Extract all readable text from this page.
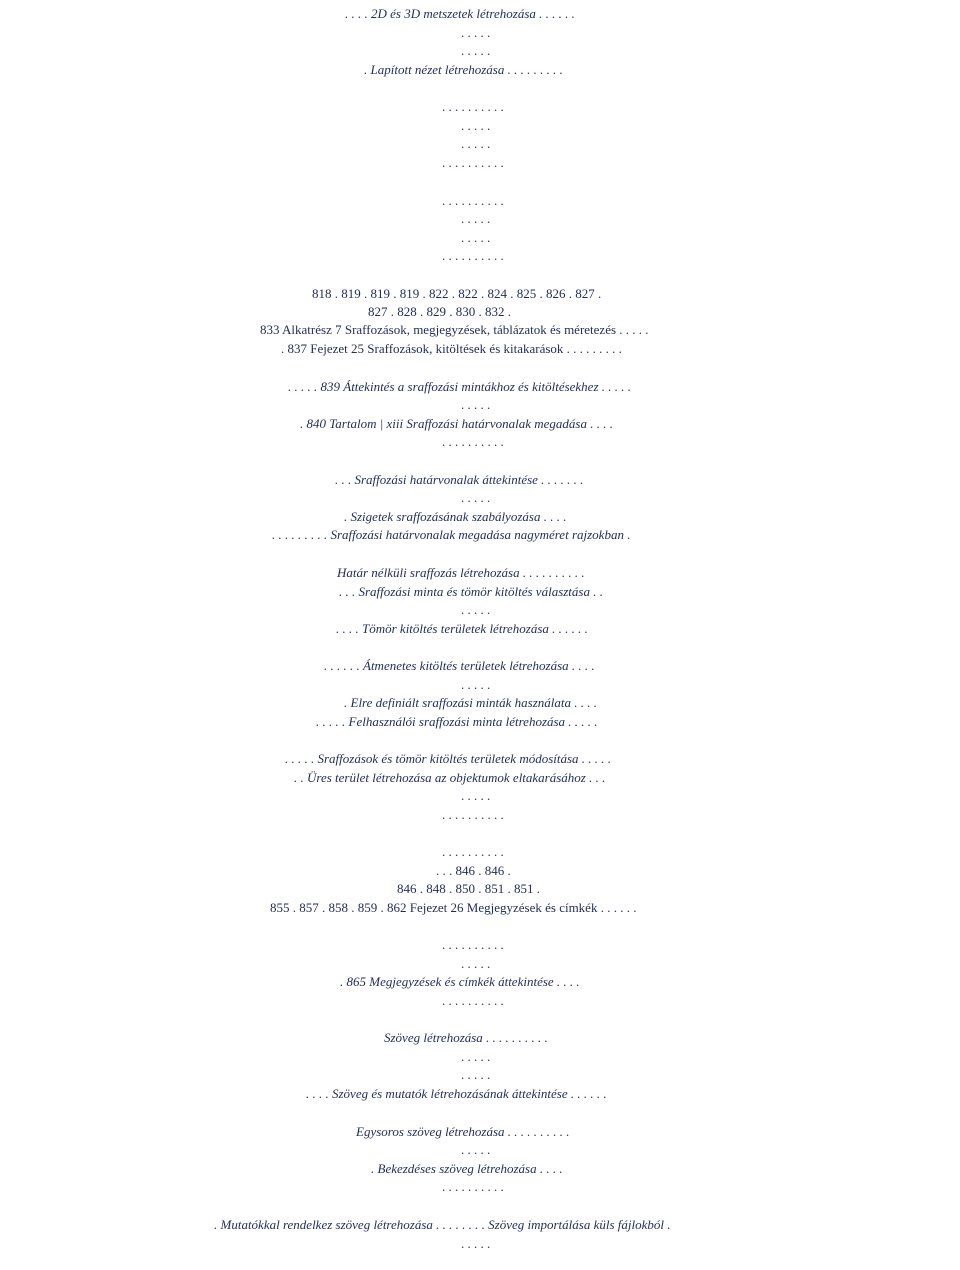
. . . . 2D és 3D metszetek létrehozása . . . . . .

. . . . .

. . . . .

. Lapított nézet létrehozása . . . . . . . . .

. . . . . . . . . .

. . . . .

. . . . .

. . . . . . . . . .

. . . . . . . . . .

. . . . .

. . . . .

. . . . . . . . . .

818 . 819 . 819 . 819 . 822 . 822 . 824 . 825 . 826 . 827 .

827 . 828 . 829 . 830 . 832 .

833 Alkatrész 7 Sraffozások, megjegyzések, táblázatok és méretezés . . . . .

. 837 Fejezet 25 Sraffozások, kitöltések és kitakarások . . . . . . . . .

. . . . . 839 Áttekintés a sraffozási mintákhoz és kitöltésekhez . . . . .

. . . . .

. 840 Tartalom | xiii Sraffozási határvonalak megadása . . . .

. . . . . . . . . .

. . . Sraffozási határvonalak áttekintése . . . . . . .

. . . . .

. Szigetek sraffozásának szabályozása . . . .

. . . . . . . . . Sraffozási határvonalak megadása nagyméret rajzokban .

Határ nélküli sraffozás létrehozása . . . . . . . . . .

. . . Sraffozási minta és tömör kitöltés választása . .

. . . . .

. . . . Tömör kitöltés területek létrehozása . . . . . .

. . . . . . Átmenetes kitöltés területek létrehozása . . . .

. . . . .

. Elre definiált sraffozási minták használata . . . .

. . . . . Felhasználói sraffozási minta létrehozása . . . . .

. . . . . Sraffozások és tömör kitöltés területek módosítása . . . . .

. . Üres terület létrehozása az objektumok eltakarásához . . .

. . . . .

. . . . . . . . . .

. . . . . . . . . .

. . . 846 . 846 .

846 . 848 . 850 . 851 . 851 .

855 . 857 . 858 . 859 . 862 Fejezet 26 Megjegyzések és címkék . . . . . .

. . . . . . . . . .

. . . . .

. 865 Megjegyzések és címkék áttekintése . . . .

. . . . . . . . . .

Szöveg létrehozása . . . . . . . . . .

. . . . .

. . . . .

. . . . Szöveg és mutatók létrehozásának áttekintése . . . . . .

Egysoros szöveg létrehozása . . . . . . . . . .

. . . . .

. Bekezdéses szöveg létrehozása . . . .

. . . . . . . . . .

. Mutatókkal rendelkez szöveg létrehozása . . . . . . . . Szöveg importálása küls fájlokból .

. . . . .
